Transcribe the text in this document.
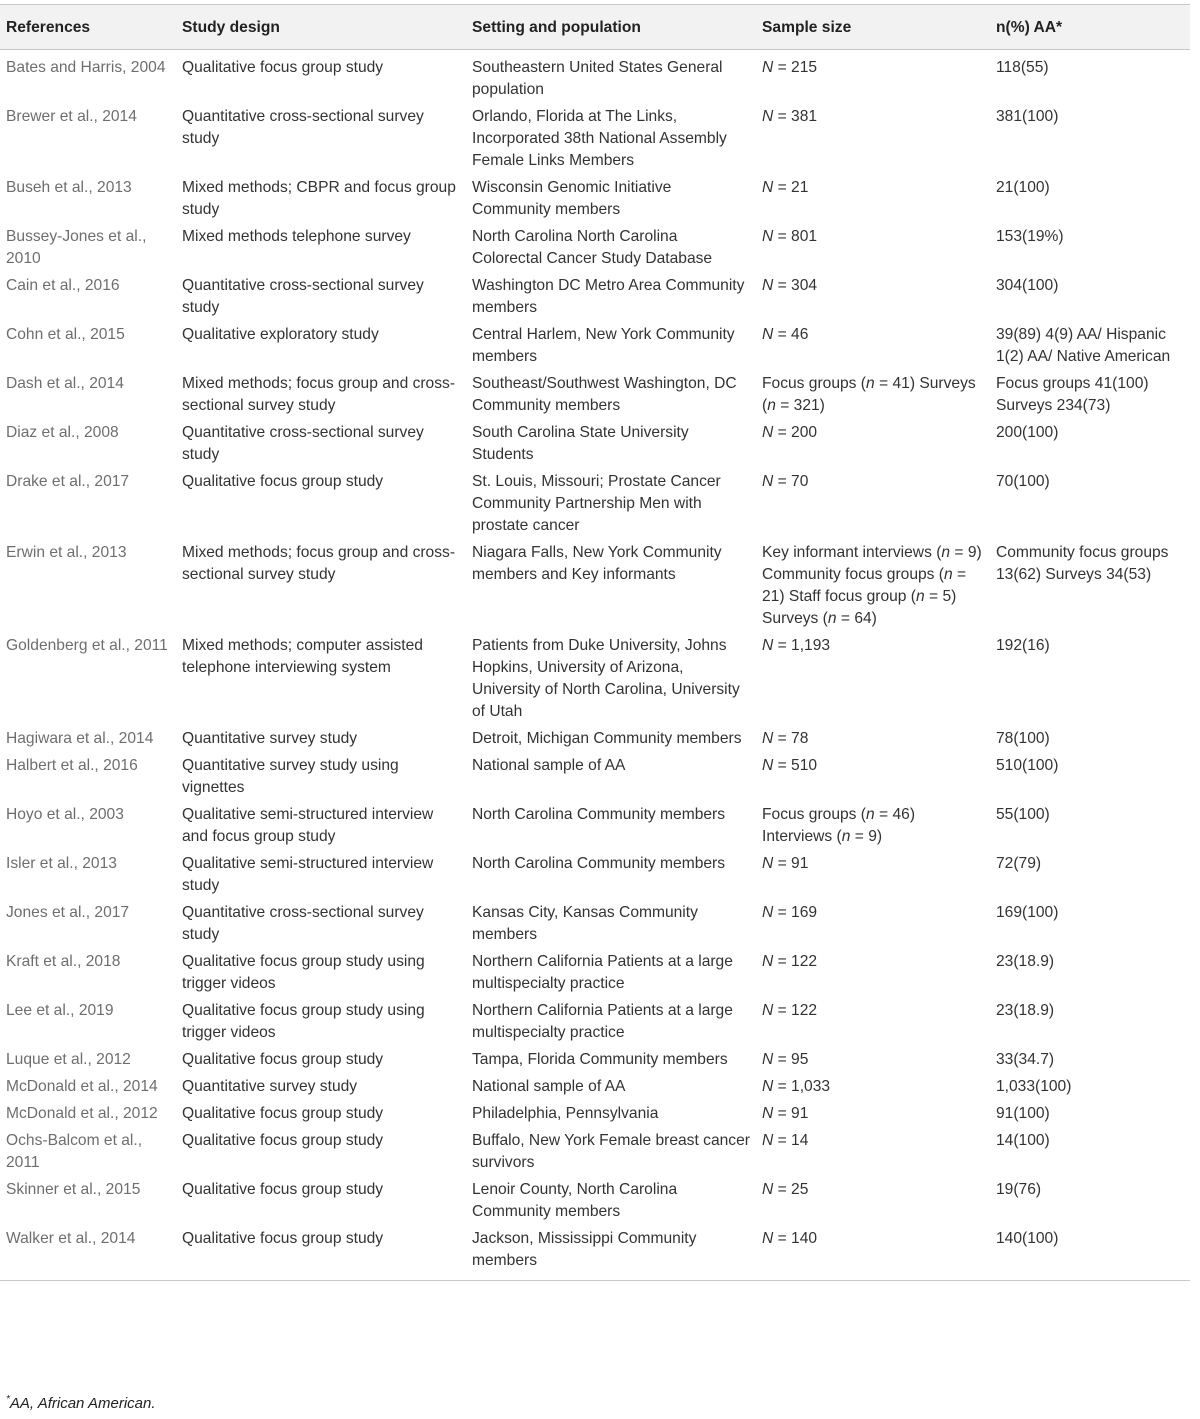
References	Study design	Setting and population	Sample size	n(%) AA*
Bates and Harris, 2004	Qualitative focus group study	Southeastern United States General population	N = 215	118(55)
Brewer et al., 2014	Quantitative cross-sectional survey study	Orlando, Florida at The Links, Incorporated 38th National Assembly Female Links Members	N = 381	381(100)
Buseh et al., 2013	Mixed methods; CBPR and focus group study	Wisconsin Genomic Initiative Community members	N = 21	21(100)
Bussey-Jones et al., 2010	Mixed methods telephone survey	North Carolina North Carolina Colorectal Cancer Study Database	N = 801	153(19%)
Cain et al., 2016	Quantitative cross-sectional survey study	Washington DC Metro Area Community members	N = 304	304(100)
Cohn et al., 2015	Qualitative exploratory study	Central Harlem, New York Community members	N = 46	39(89) 4(9) AA/ Hispanic 1(2) AA/ Native American
Dash et al., 2014	Mixed methods; focus group and cross-sectional survey study	Southeast/Southwest Washington, DC Community members	Focus groups (n = 41) Surveys (n = 321)	Focus groups 41(100) Surveys 234(73)
Diaz et al., 2008	Quantitative cross-sectional survey study	South Carolina State University Students	N = 200	200(100)
Drake et al., 2017	Qualitative focus group study	St. Louis, Missouri; Prostate Cancer Community Partnership Men with prostate cancer	N = 70	70(100)
Erwin et al., 2013	Mixed methods; focus group and cross-sectional survey study	Niagara Falls, New York Community members and Key informants	Key informant interviews (n = 9) Community focus groups (n = 21) Staff focus group (n = 5) Surveys (n = 64)	Community focus groups 13(62) Surveys 34(53)
Goldenberg et al., 2011	Mixed methods; computer assisted telephone interviewing system	Patients from Duke University, Johns Hopkins, University of Arizona, University of North Carolina, University of Utah	N = 1,193	192(16)
Hagiwara et al., 2014	Quantitative survey study	Detroit, Michigan Community members	N = 78	78(100)
Halbert et al., 2016	Quantitative survey study using vignettes	National sample of AA	N = 510	510(100)
Hoyo et al., 2003	Qualitative semi-structured interview and focus group study	North Carolina Community members	Focus groups (n = 46) Interviews (n = 9)	55(100)
Isler et al., 2013	Qualitative semi-structured interview study	North Carolina Community members	N = 91	72(79)
Jones et al., 2017	Quantitative cross-sectional survey study	Kansas City, Kansas Community members	N = 169	169(100)
Kraft et al., 2018	Qualitative focus group study using trigger videos	Northern California Patients at a large multispecialty practice	N = 122	23(18.9)
Lee et al., 2019	Qualitative focus group study using trigger videos	Northern California Patients at a large multispecialty practice	N = 122	23(18.9)
Luque et al., 2012	Qualitative focus group study	Tampa, Florida Community members	N = 95	33(34.7)
McDonald et al., 2014	Quantitative survey study	National sample of AA	N = 1,033	1,033(100)
McDonald et al., 2012	Qualitative focus group study	Philadelphia, Pennsylvania	N = 91	91(100)
Ochs-Balcom et al., 2011	Qualitative focus group study	Buffalo, New York Female breast cancer survivors	N = 14	14(100)
Skinner et al., 2015	Qualitative focus group study	Lenoir County, North Carolina Community members	N = 25	19(76)
Walker et al., 2014	Qualitative focus group study	Jackson, Mississippi Community members	N = 140	140(100)
*AA, African American.
